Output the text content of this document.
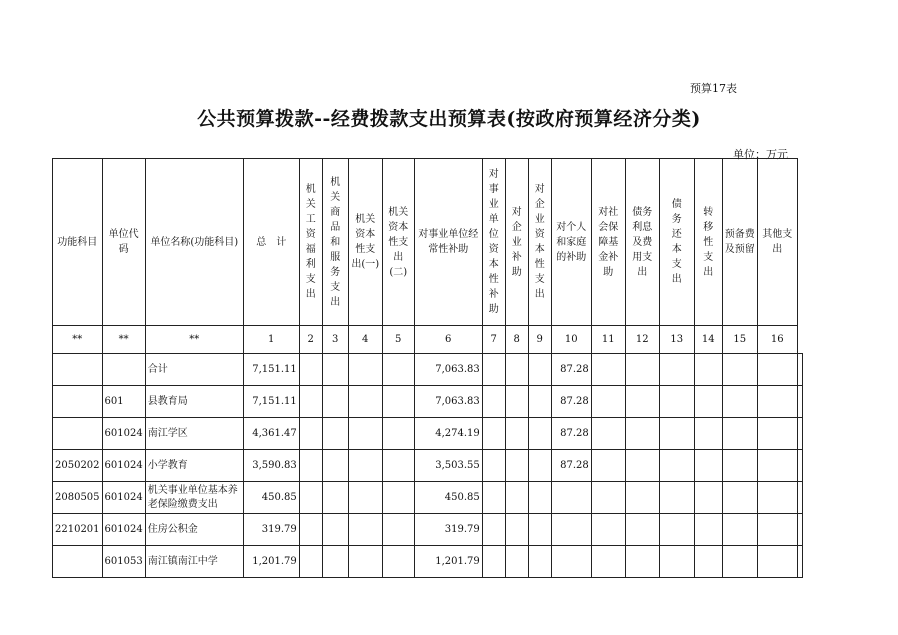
预算17表
公共预算拨款--经费拨款支出预算表(按政府预算经济分类)
单位：万元
功能科目	单位代码	单位名称(功能科目)	总　计	机关工资福利支出	机关商品和服务支出	机关资本性支出(一)	机关资本性支出(二)	对事业单位经常性补助	对事业单位资本性补助	对企业补助	对企业资本性支出	对个人和家庭的补助	对社会保障基金补助	债务利息及费用支出	债务还本支出	转移性支出	预备费及预留	其他支出	
**	**	**	1	2	3	4	5	6	7	8	9	10	11	12	13	14	15	16	
		合计	7,151.11					7,063.83				87.28							
	601	县教育局	7,151.11					7,063.83				87.28							
	601024	南江学区	4,361.47					4,274.19				87.28							
2050202	601024	小学教育	3,590.83					3,503.55				87.28							
2080505	601024	机关事业单位基本养老保险缴费支出	450.85					450.85											
2210201	601024	住房公积金	319.79					319.79											
	601053	南江镇南江中学	1,201.79					1,201.79											
